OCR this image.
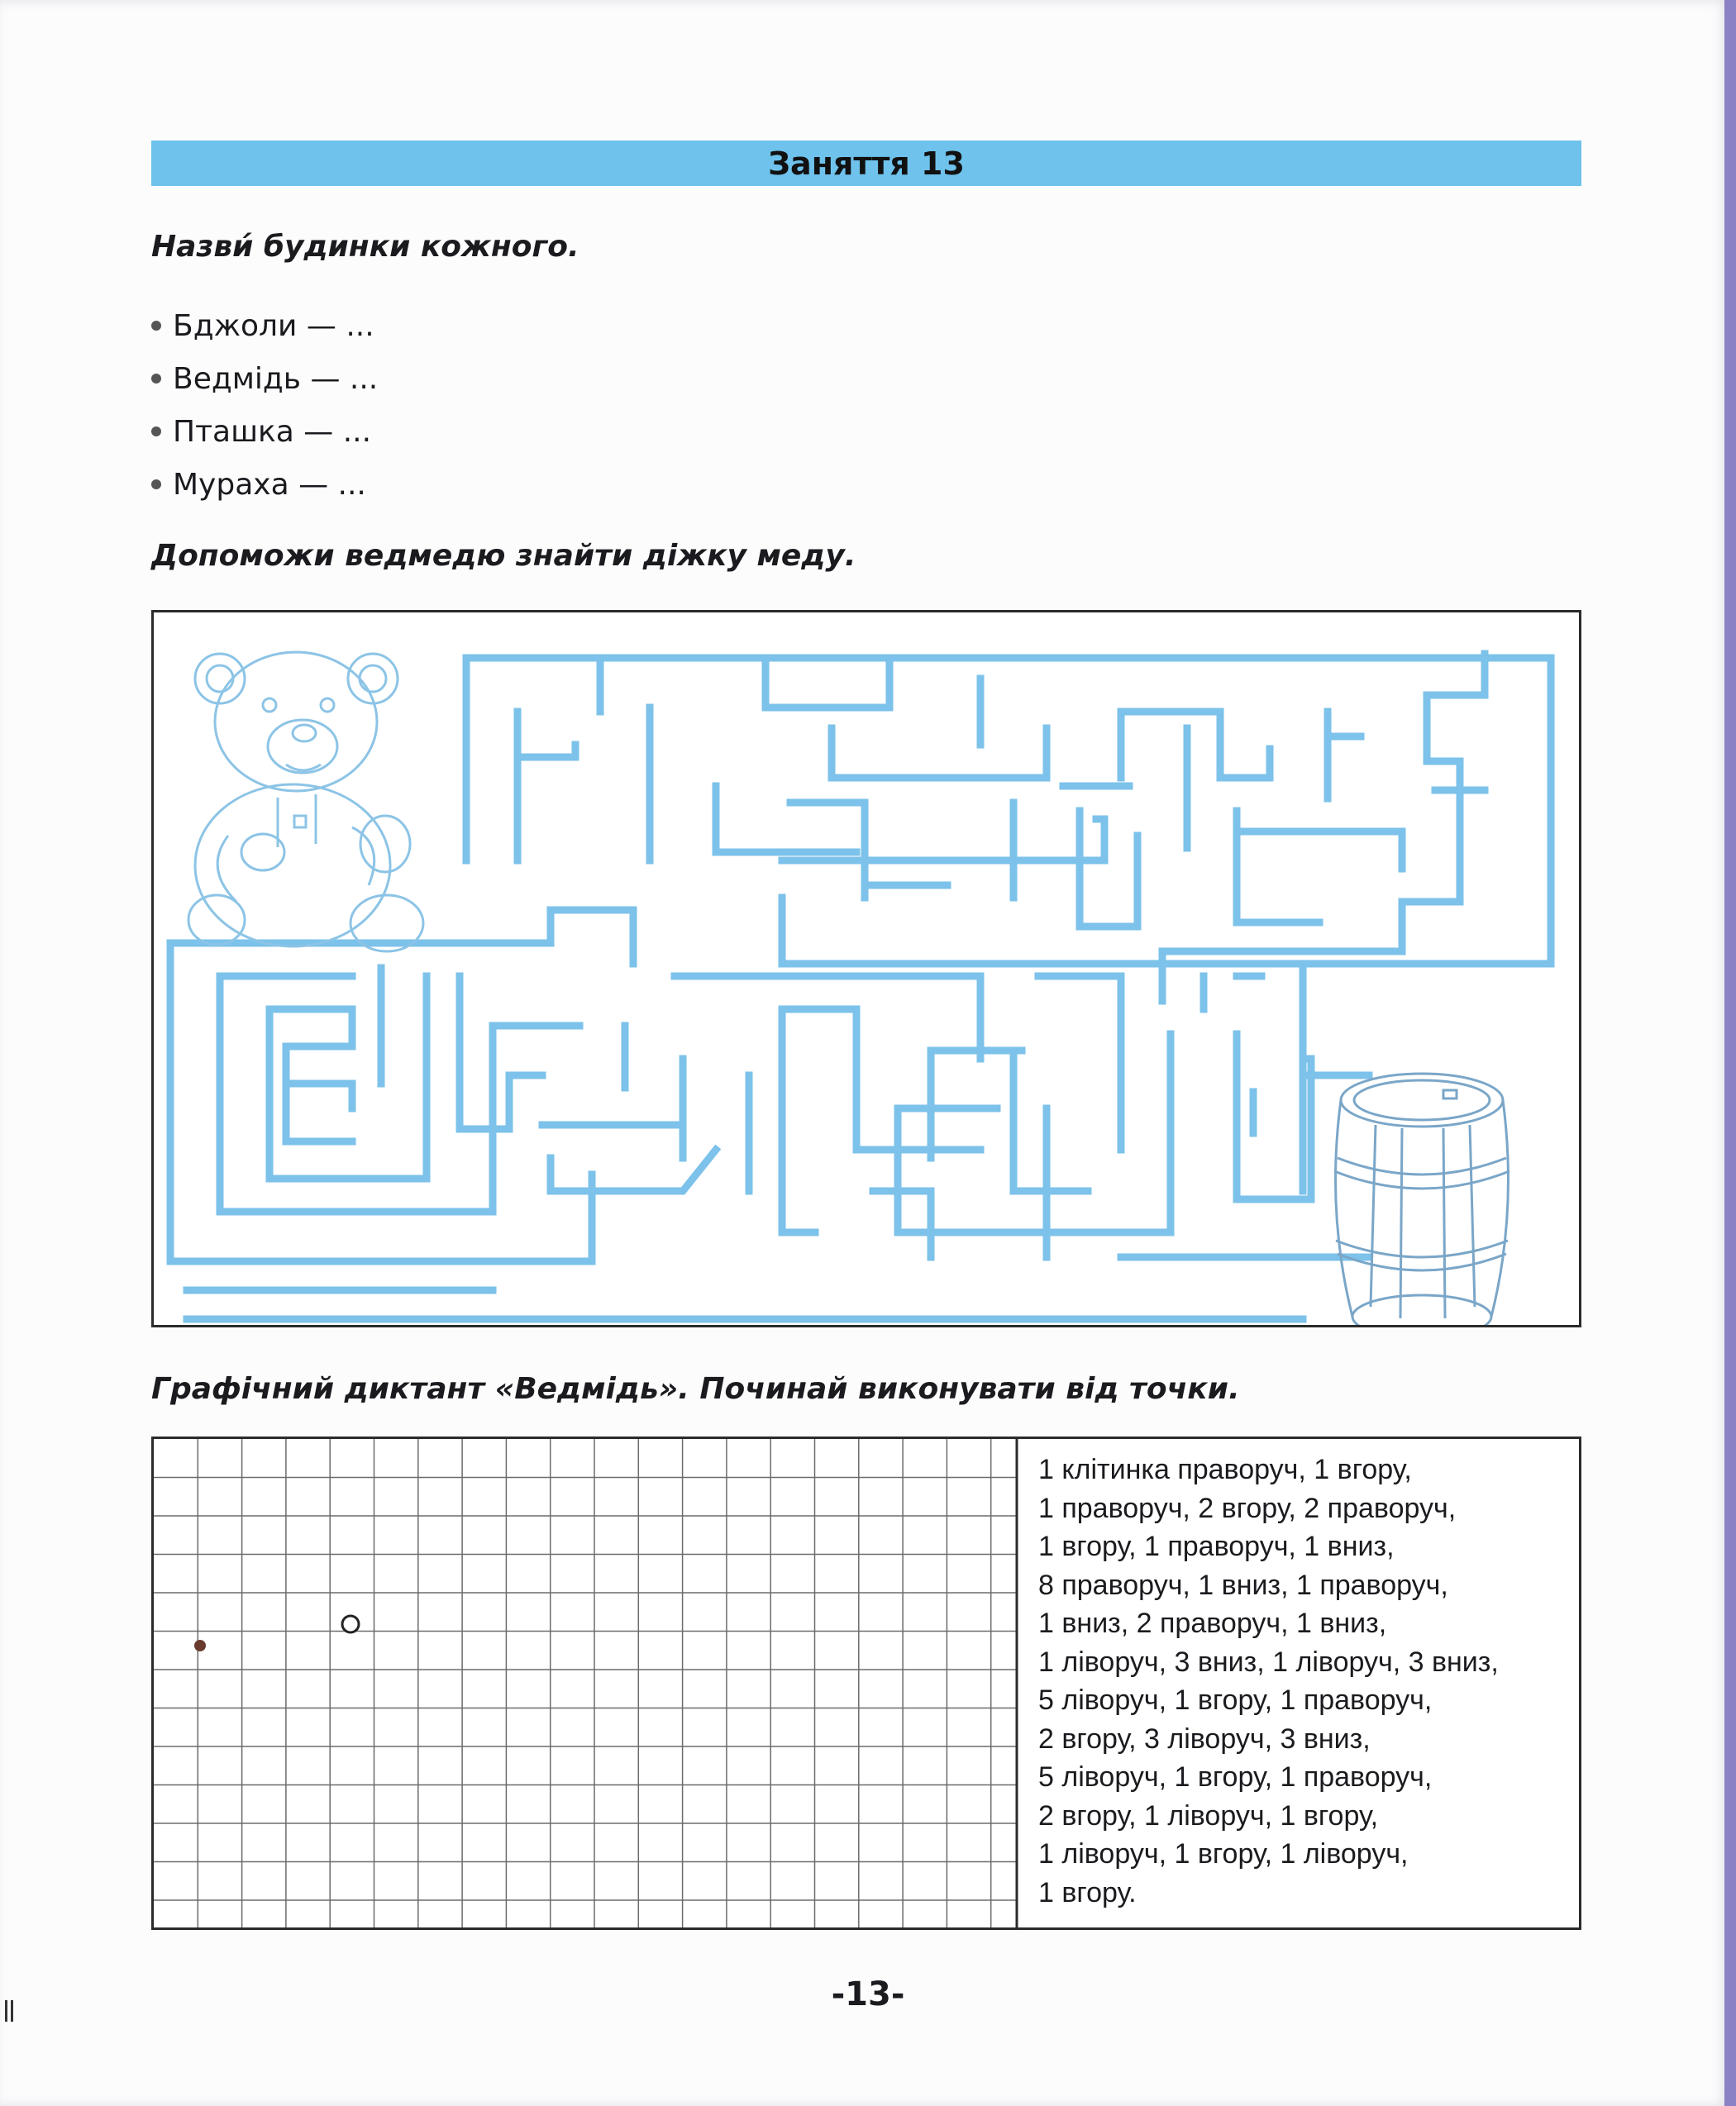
Заняття 13
Назви́ будинки кожного.
Бджоли — ...
Ведмідь — ...
Пташка — ...
Мураха — ...
Допоможи ведмедю знайти діжку меду.
Графічний диктант «Ведмідь». Починай виконувати від точки.
1 клітинка праворуч, 1 вгору,
1 праворуч, 2 вгору, 2 праворуч,
1 вгору, 1 праворуч, 1 вниз,
8 праворуч, 1 вниз, 1 праворуч,
1 вниз, 2 праворуч, 1 вниз,
1 ліворуч, 3 вниз, 1 ліворуч, 3 вниз,
5 ліворуч, 1 вгору, 1 праворуч,
2 вгору, 3 ліворуч, 3 вниз,
5 ліворуч, 1 вгору, 1 праворуч,
2 вгору, 1 ліворуч, 1 вгору,
1 ліворуч, 1 вгору, 1 ліворуч,
1 вгору.
-13-
